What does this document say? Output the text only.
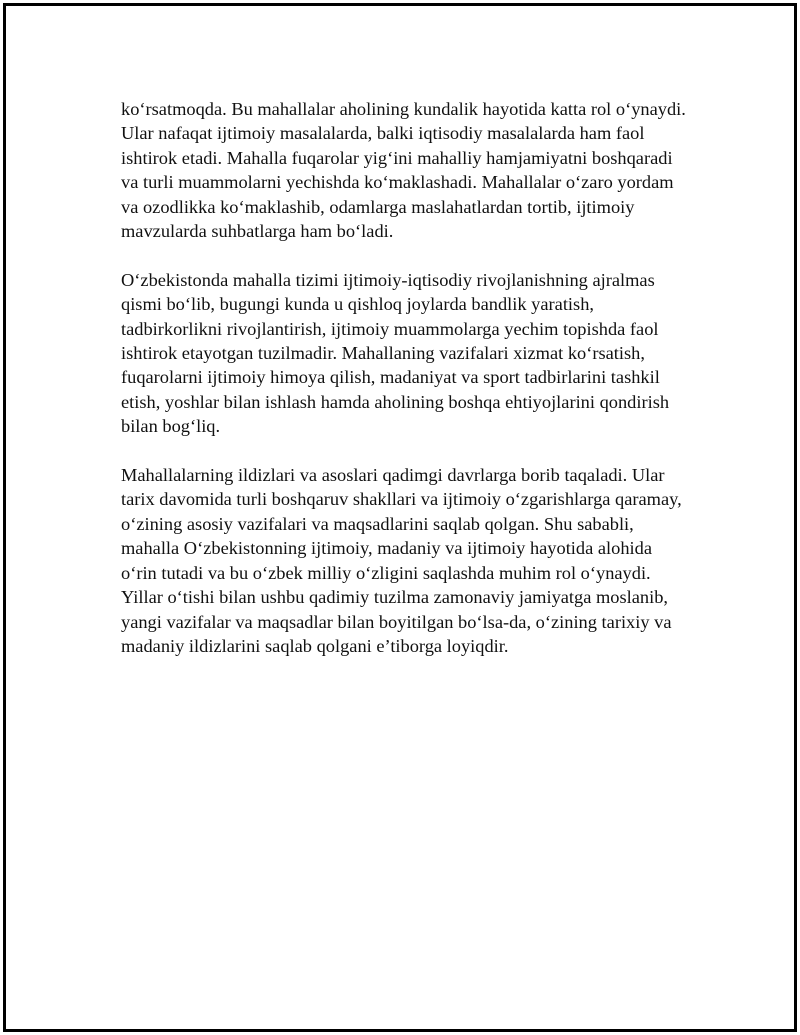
ko‘rsatmoqda. Bu mahallalar aholining kundalik hayotida katta rol o‘ynaydi.
Ular nafaqat ijtimoiy masalalarda, balki iqtisodiy masalalarda ham faol
ishtirok etadi. Mahalla fuqarolar yig‘ini mahalliy hamjamiyatni boshqaradi
va turli muammolarni yechishda ko‘maklashadi. Mahallalar o‘zaro yordam
va ozodlikka ko‘maklashib, odamlarga maslahatlardan tortib, ijtimoiy
mavzularda suhbatlarga ham bo‘ladi.

O‘zbekistonda mahalla tizimi ijtimoiy-iqtisodiy rivojlanishning ajralmas
qismi bo‘lib, bugungi kunda u qishloq joylarda bandlik yaratish,
tadbirkorlikni rivojlantirish, ijtimoiy muammolarga yechim topishda faol
ishtirok etayotgan tuzilmadir. Mahallaning vazifalari xizmat ko‘rsatish,
fuqarolarni ijtimoiy himoya qilish, madaniyat va sport tadbirlarini tashkil
etish, yoshlar bilan ishlash hamda aholining boshqa ehtiyojlarini qondirish
bilan bog‘liq.

Mahallalarning ildizlari va asoslari qadimgi davrlarga borib taqaladi. Ular
tarix davomida turli boshqaruv shakllari va ijtimoiy o‘zgarishlarga qaramay,
o‘zining asosiy vazifalari va maqsadlarini saqlab qolgan. Shu sababli,
mahalla O‘zbekistonning ijtimoiy, madaniy va ijtimoiy hayotida alohida
o‘rin tutadi va bu o‘zbek milliy o‘zligini saqlashda muhim rol o‘ynaydi.
Yillar o‘tishi bilan ushbu qadimiy tuzilma zamonaviy jamiyatga moslanib,
yangi vazifalar va maqsadlar bilan boyitilgan bo‘lsa-da, o‘zining tarixiy va
madaniy ildizlarini saqlab qolgani e’tiborga loyiqdir.
